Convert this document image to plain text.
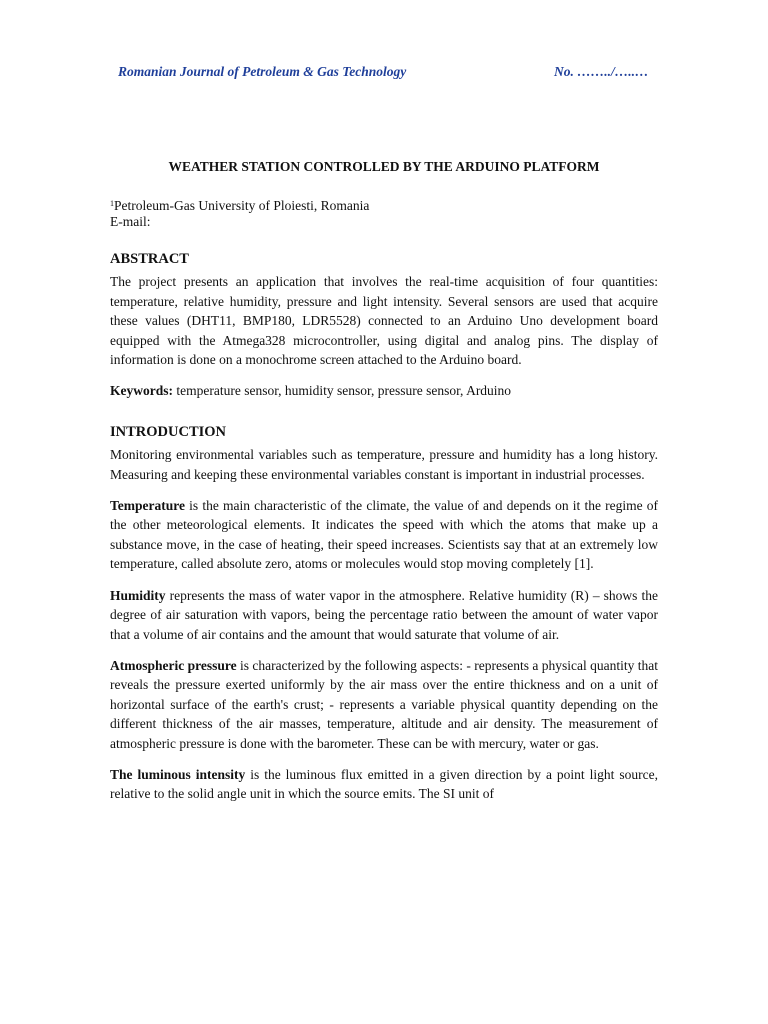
Romanian Journal of Petroleum & Gas Technology	No. ……../…..…
WEATHER STATION CONTROLLED BY THE ARDUINO PLATFORM
$^1$Petroleum-Gas University of Ploiesti, Romania
E-mail:
ABSTRACT

The project presents an application that involves the real-time acquisition of four quantities: temperature, relative humidity, pressure and light intensity. Several sensors are used that acquire these values (DHT11, BMP180, LDR5528) connected to an Arduino Uno development board equipped with the Atmega328 microcontroller, using digital and analog pins. The display of information is done on a monochrome screen attached to the Arduino board.

Keywords: temperature sensor, humidity sensor, pressure sensor, Arduino

INTRODUCTION

Monitoring environmental variables such as temperature, pressure and humidity has a long history. Measuring and keeping these environmental variables constant is important in industrial processes.

Temperature is the main characteristic of the climate, the value of and depends on it the regime of the other meteorological elements. It indicates the speed with which the atoms that make up a substance move, in the case of heating, their speed increases. Scientists say that at an extremely low temperature, called absolute zero, atoms or molecules would stop moving completely [1].

Humidity represents the mass of water vapor in the atmosphere. Relative humidity (R) – shows the degree of air saturation with vapors, being the percentage ratio between the amount of water vapor that a volume of air contains and the amount that would saturate that volume of air.

Atmospheric pressure is characterized by the following aspects: - represents a physical quantity that reveals the pressure exerted uniformly by the air mass over the entire thickness and on a unit of horizontal surface of the earth's crust; - represents a variable physical quantity depending on the different thickness of the air masses, temperature, altitude and air density. The measurement of atmospheric pressure is done with the barometer. These can be with mercury, water or gas.

The luminous intensity is the luminous flux emitted in a given direction by a point light source, relative to the solid angle unit in which the source emits. The SI unit of
